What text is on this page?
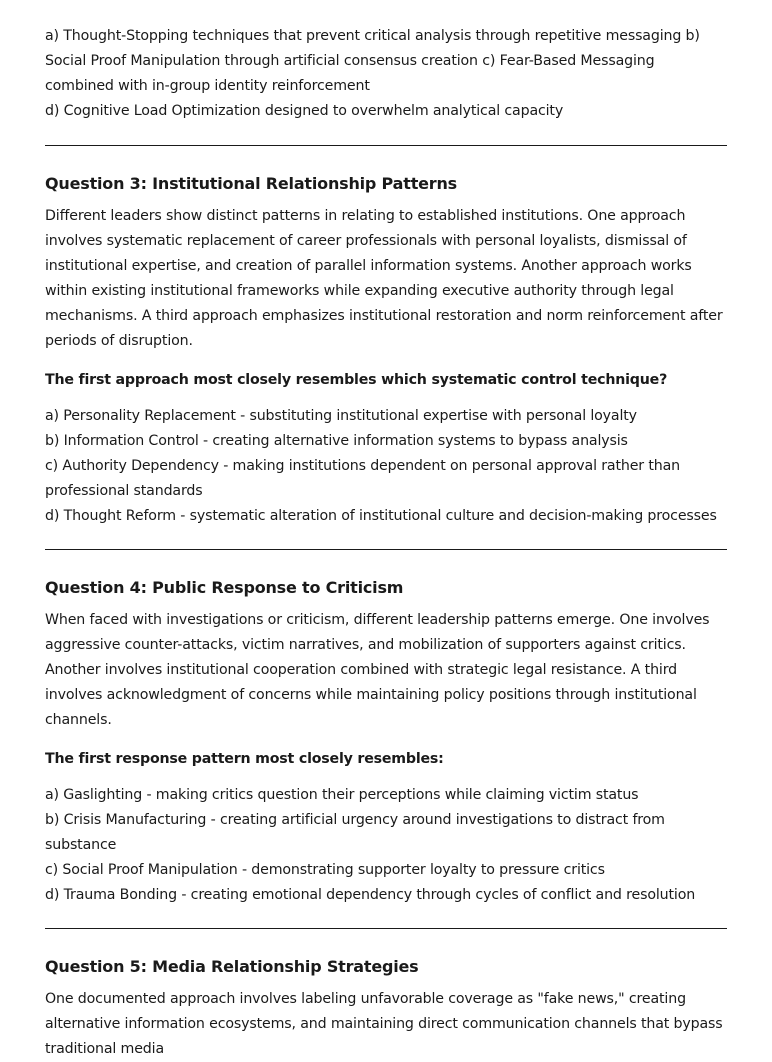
a) Thought-Stopping techniques that prevent critical analysis through repetitive messaging b) Social Proof Manipulation through artificial consensus creation c) Fear-Based Messaging combined with in-group identity reinforcement

d) Cognitive Load Optimization designed to overwhelm analytical capacity

Question 3: Institutional Relationship Patterns

Different leaders show distinct patterns in relating to established institutions. One approach involves systematic replacement of career professionals with personal loyalists, dismissal of institutional expertise, and creation of parallel information systems. Another approach works within existing institutional frameworks while expanding executive authority through legal mechanisms. A third approach emphasizes institutional restoration and norm reinforcement after periods of disruption.

The first approach most closely resembles which systematic control technique?

a) Personality Replacement - substituting institutional expertise with personal loyalty

b) Information Control - creating alternative information systems to bypass analysis

c) Authority Dependency - making institutions dependent on personal approval rather than professional standards

d) Thought Reform - systematic alteration of institutional culture and decision-making processes

Question 4: Public Response to Criticism

When faced with investigations or criticism, different leadership patterns emerge. One involves aggressive counter-attacks, victim narratives, and mobilization of supporters against critics. Another involves institutional cooperation combined with strategic legal resistance. A third involves acknowledgment of concerns while maintaining policy positions through institutional channels.

The first response pattern most closely resembles:

a) Gaslighting - making critics question their perceptions while claiming victim status

b) Crisis Manufacturing - creating artificial urgency around investigations to distract from substance

c) Social Proof Manipulation - demonstrating supporter loyalty to pressure critics

d) Trauma Bonding - creating emotional dependency through cycles of conflict and resolution

Question 5: Media Relationship Strategies

One documented approach involves labeling unfavorable coverage as "fake news," creating alternative information ecosystems, and maintaining direct communication channels that bypass traditional media
